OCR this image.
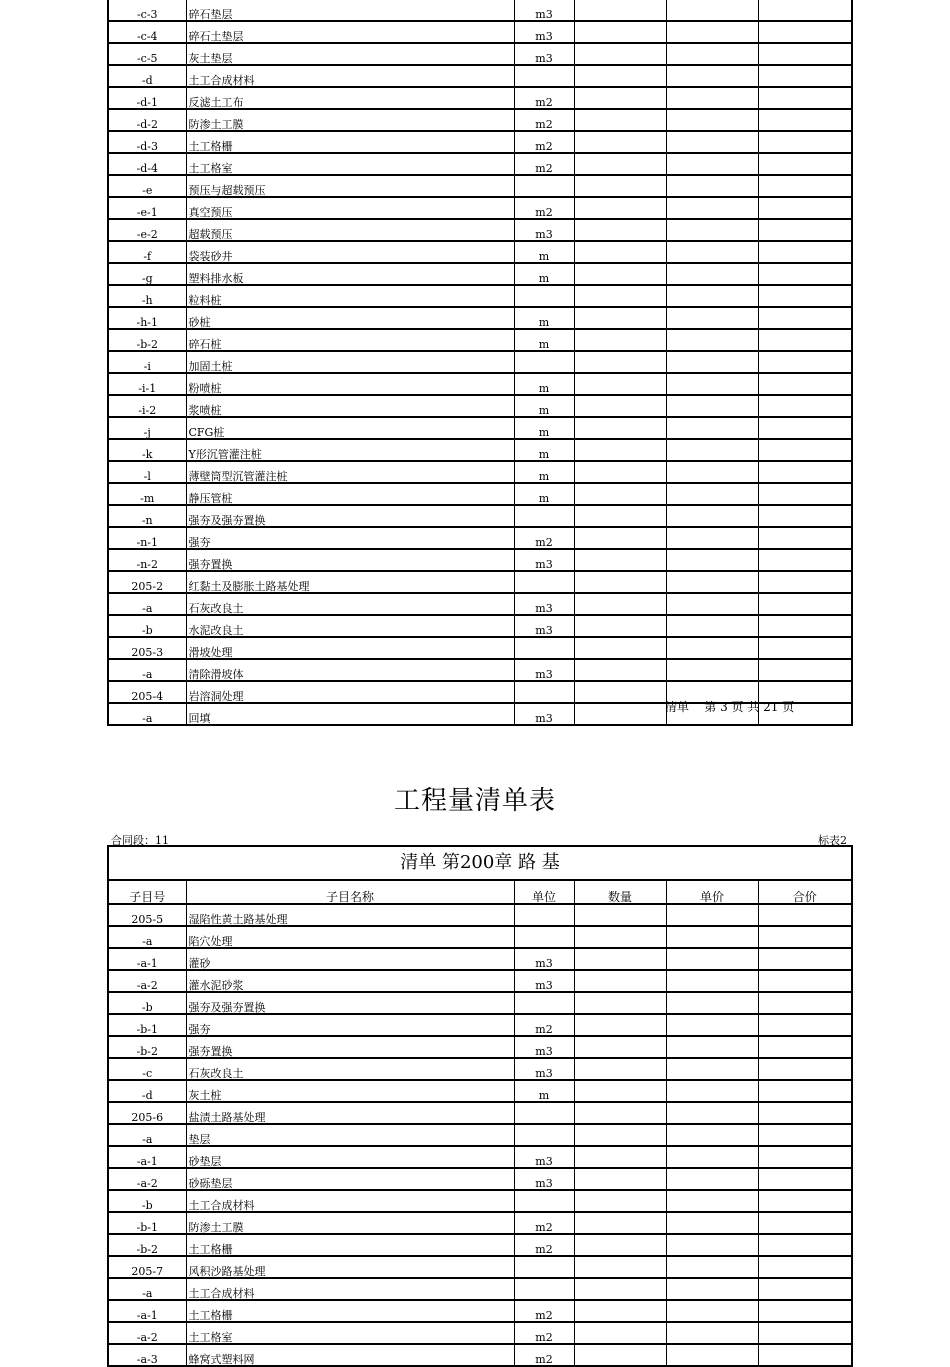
-c-3	碎石垫层	m3			
-c-4	碎石土垫层	m3			
-c-5	灰土垫层	m3			
-d	土工合成材料				
-d-1	反滤土工布	m2			
-d-2	防渗土工膜	m2			
-d-3	土工格栅	m2			
-d-4	土工格室	m2			
-e	预压与超载预压				
-e-1	真空预压	m2			
-e-2	超载预压	m3			
-f	袋装砂井	m			
-g	塑料排水板	m			
-h	粒料桩				
-h-1	砂桩	m			
-b-2	碎石桩	m			
-i	加固土桩				
-i-1	粉喷桩	m			
-i-2	浆喷桩	m			
-j	CFG桩	m			
-k	Y形沉管灌注桩	m			
-l	薄壁筒型沉管灌注桩	m			
-m	静压管桩	m			
-n	强夯及强夯置换				
-n-1	强夯	m2			
-n-2	强夯置换	m3			
205-2	红黏土及膨胀土路基处理				
-a	石灰改良土	m3			
-b	水泥改良土	m3			
205-3	滑坡处理				
-a	清除滑坡体	m3			
205-4	岩溶洞处理				
-a	回填	m3			
清单    第 3 页 共 21 页
工程量清单表
合同段：11	标表2
清单 第200章 路 基					
子目号	子目名称	单位	数量	单价	合价
205-5	湿陷性黄土路基处理				
-a	陷穴处理				
-a-1	灌砂	m3			
-a-2	灌水泥砂浆	m3			
-b	强夯及强夯置换				
-b-1	强夯	m2			
-b-2	强夯置换	m3			
-c	石灰改良土	m3			
-d	灰土桩	m			
205-6	盐渍土路基处理				
-a	垫层				
-a-1	砂垫层	m3			
-a-2	砂砾垫层	m3			
-b	土工合成材料				
-b-1	防渗土工膜	m2			
-b-2	土工格栅	m2			
205-7	风积沙路基处理				
-a	土工合成材料				
-a-1	土工格栅	m2			
-a-2	土工格室	m2			
-a-3	蜂窝式塑料网	m2			
